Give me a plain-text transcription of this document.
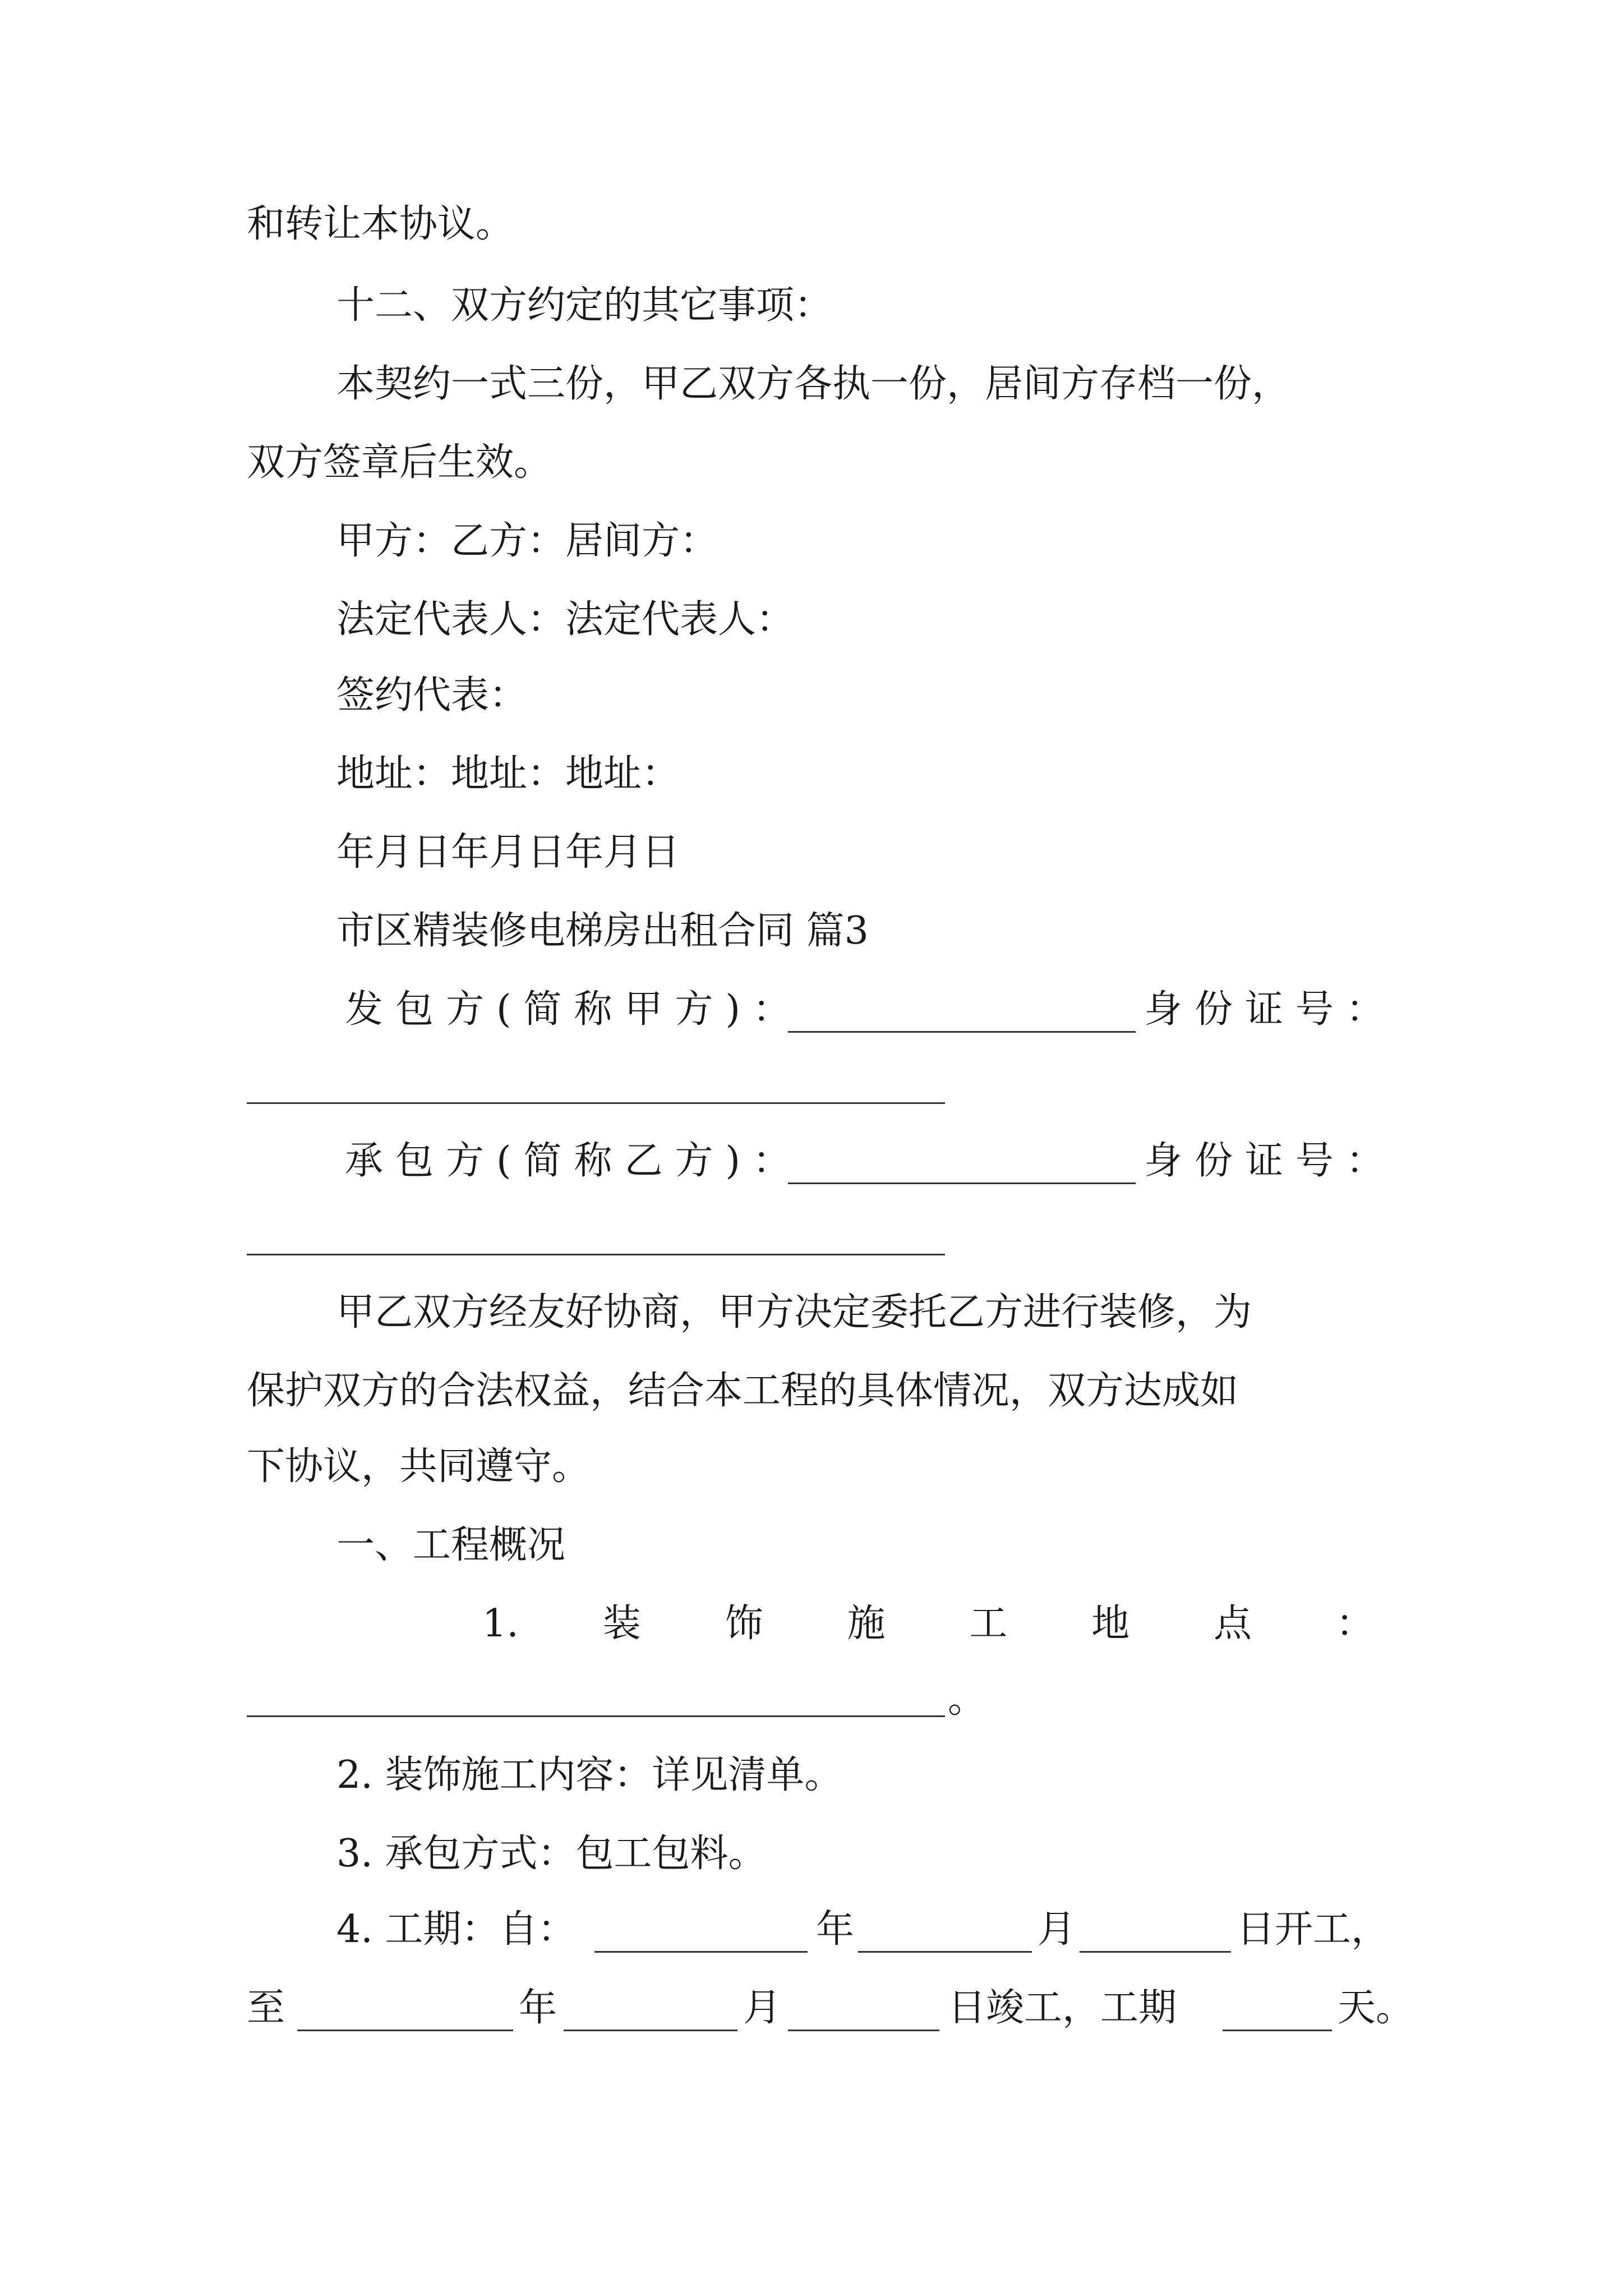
和转让本协议。
十二、双方约定的其它事项：
本契约一式三份，甲乙双方各执一份，居间方存档一份，
双方签章后生效。
甲方：乙方：居间方：
法定代表人：法定代表人：
签约代表：
地址：地址：地址：
年月日年月日年月日
市区精装修电梯房出租合同 篇3
发包方(简称甲方)：	身份证号：
承包方(简称乙方)：	身份证号：
甲乙双方经友好协商，甲方决定委托乙方进行装修，为
保护双方的合法权益，结合本工程的具体情况，双方达成如
下协议，共同遵守。
一、工程概况
1. 装 饰 施 工 地 点 ：
。
2. 装饰施工内容：详见清单。
3. 承包方式：包工包料。
4. 工期：自：	年	月	日开工，
至	年	月	日竣工，工期	天。
